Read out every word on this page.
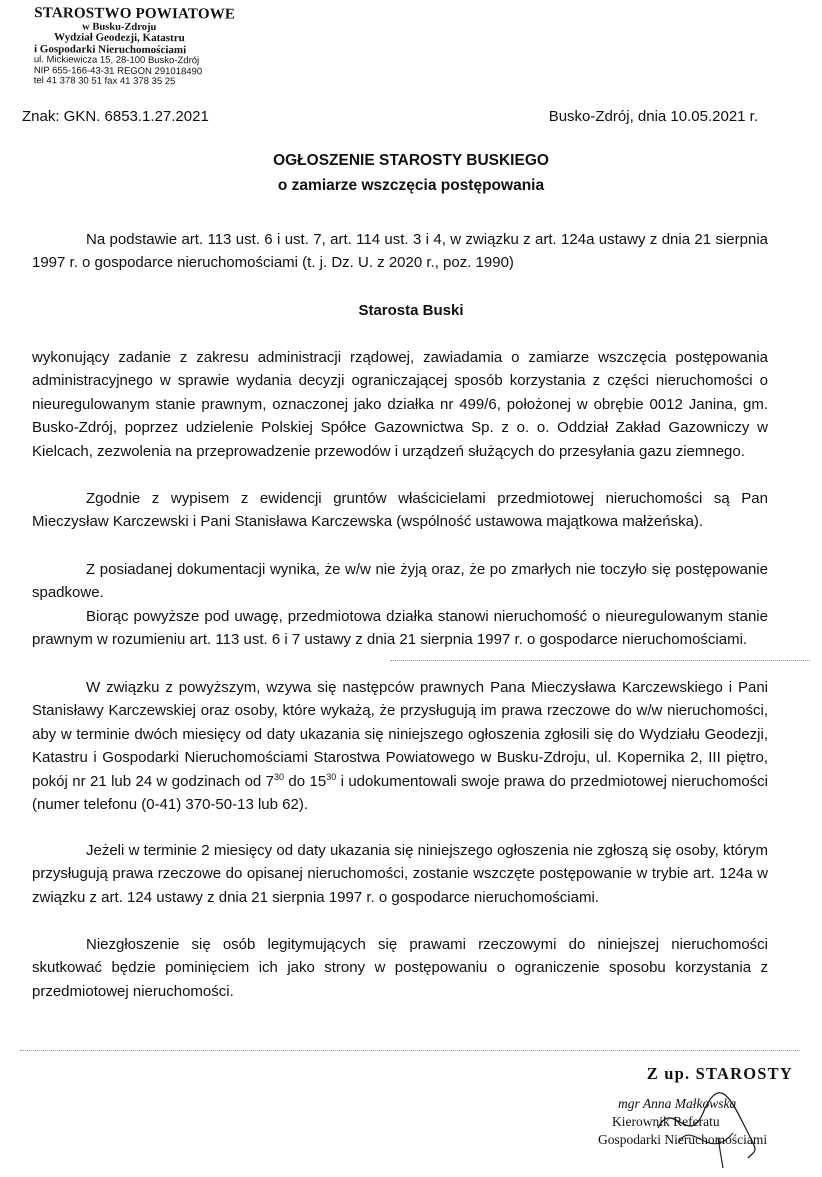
STAROSTWO POWIATOWE
w Busku-Zdroju
Wydział Geodezji, Katastru
i Gospodarki Nieruchomościami
ul. Mickiewicza 15, 28-100 Busko-Zdrój
NIP 655-166-43-31 REGON 291018490
tel 41 378 30 51 fax 41 378 35 25
Znak: GKN. 6853.1.27.2021	Busko-Zdrój, dnia 10.05.2021 r.
OGŁOSZENIE STAROSTY BUSKIEGO
o zamiarze wszczęcia postępowania
Na podstawie art. 113 ust. 6 i ust. 7, art. 114 ust. 3 i 4, w związku z art. 124a ustawy z dnia 21 sierpnia 1997 r. o gospodarce nieruchomościami (t. j. Dz. U. z 2020 r., poz. 1990)
Starosta Buski
wykonujący zadanie z zakresu administracji rządowej, zawiadamia o zamiarze wszczęcia postępowania administracyjnego w sprawie wydania decyzji ograniczającej sposób korzystania z części nieruchomości o nieuregulowanym stanie prawnym, oznaczonej jako działka nr 499/6, położonej w obrębie 0012 Janina, gm. Busko-Zdrój, poprzez udzielenie Polskiej Spółce Gazownictwa Sp. z o. o. Oddział Zakład Gazowniczy w Kielcach, zezwolenia na przeprowadzenie przewodów i urządzeń służących do przesyłania gazu ziemnego.
Zgodnie z wypisem z ewidencji gruntów właścicielami przedmiotowej nieruchomości są Pan Mieczysław Karczewski i Pani Stanisława Karczewska (wspólność ustawowa majątkowa małżeńska).
Z posiadanej dokumentacji wynika, że w/w nie żyją oraz, że po zmarłych nie toczyło się postępowanie spadkowe.
Biorąc powyższe pod uwagę, przedmiotowa działka stanowi nieruchomość o nieuregulowanym stanie prawnym w rozumieniu art. 113 ust. 6 i 7 ustawy z dnia 21 sierpnia 1997 r. o gospodarce nieruchomościami.
W związku z powyższym, wzywa się następców prawnych Pana Mieczysława Karczewskiego i Pani Stanisławy Karczewskiej oraz osoby, które wykażą, że przysługują im prawa rzeczowe do w/w nieruchomości, aby w terminie dwóch miesięcy od daty ukazania się niniejszego ogłoszenia zgłosili się do Wydziału Geodezji, Katastru i Gospodarki Nieruchomościami Starostwa Powiatowego w Busku-Zdroju, ul. Kopernika 2, III piętro, pokój nr 21 lub 24 w godzinach od $7^{30}$ do $15^{30}$ i udokumentowali swoje prawa do przedmiotowej nieruchomości (numer telefonu (0-41) 370-50-13 lub 62).
Jeżeli w terminie 2 miesięcy od daty ukazania się niniejszego ogłoszenia nie zgłoszą się osoby, którym przysługują prawa rzeczowe do opisanej nieruchomości, zostanie wszczęte postępowanie w trybie art. 124a w związku z art. 124 ustawy z dnia 21 sierpnia 1997 r. o gospodarce nieruchomościami.
Niezgłoszenie się osób legitymujących się prawami rzeczowymi do niniejszej nieruchomości skutkować będzie pominięciem ich jako strony w postępowaniu o ograniczenie sposobu korzystania z przedmiotowej nieruchomości.
Z up. STAROSTY
mgr Anna Małkowska
Kierownik Referatu
Gospodarki Nieruchomościami
